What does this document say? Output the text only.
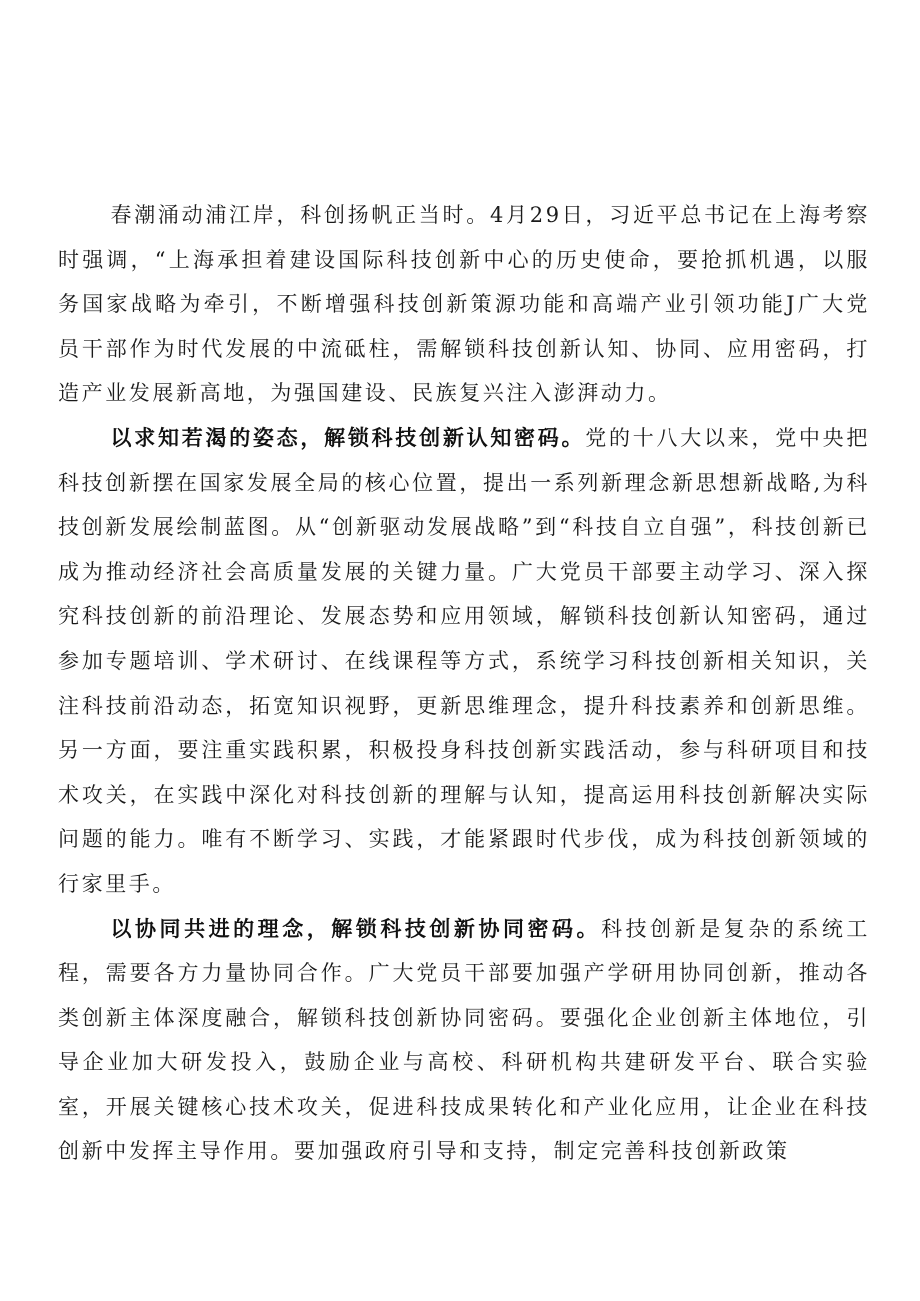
春潮涌动浦江岸，科创扬帆正当时。4月29日，习近平总书记在上海考察时强调，“上海承担着建设国际科技创新中心的历史使命，要抢抓机遇，以服务国家战略为牵引，不断增强科技创新策源功能和高端产业引领功能J广大党员干部作为时代发展的中流砥柱，需解锁科技创新认知、协同、应用密码，打造产业发展新高地，为强国建设、民族复兴注入澎湃动力。

以求知若渴的姿态，解锁科技创新认知密码。党的十八大以来，党中央把科技创新摆在国家发展全局的核心位置，提出一系列新理念新思想新战略,为科技创新发展绘制蓝图。从“创新驱动发展战略”到“科技自立自强”，科技创新已成为推动经济社会高质量发展的关键力量。广大党员干部要主动学习、深入探究科技创新的前沿理论、发展态势和应用领域，解锁科技创新认知密码，通过参加专题培训、学术研讨、在线课程等方式，系统学习科技创新相关知识，关注科技前沿动态，拓宽知识视野，更新思维理念，提升科技素养和创新思维。另一方面，要注重实践积累，积极投身科技创新实践活动，参与科研项目和技术攻关，在实践中深化对科技创新的理解与认知，提高运用科技创新解决实际问题的能力。唯有不断学习、实践，才能紧跟时代步伐，成为科技创新领域的行家里手。

以协同共进的理念，解锁科技创新协同密码。科技创新是复杂的系统工程，需要各方力量协同合作。广大党员干部要加强产学研用协同创新，推动各类创新主体深度融合，解锁科技创新协同密码。要强化企业创新主体地位，引导企业加大研发投入，鼓励企业与高校、科研机构共建研发平台、联合实验室，开展关键核心技术攻关，促进科技成果转化和产业化应用，让企业在科技创新中发挥主导作用。要加强政府引导和支持，制定完善科技创新政策
